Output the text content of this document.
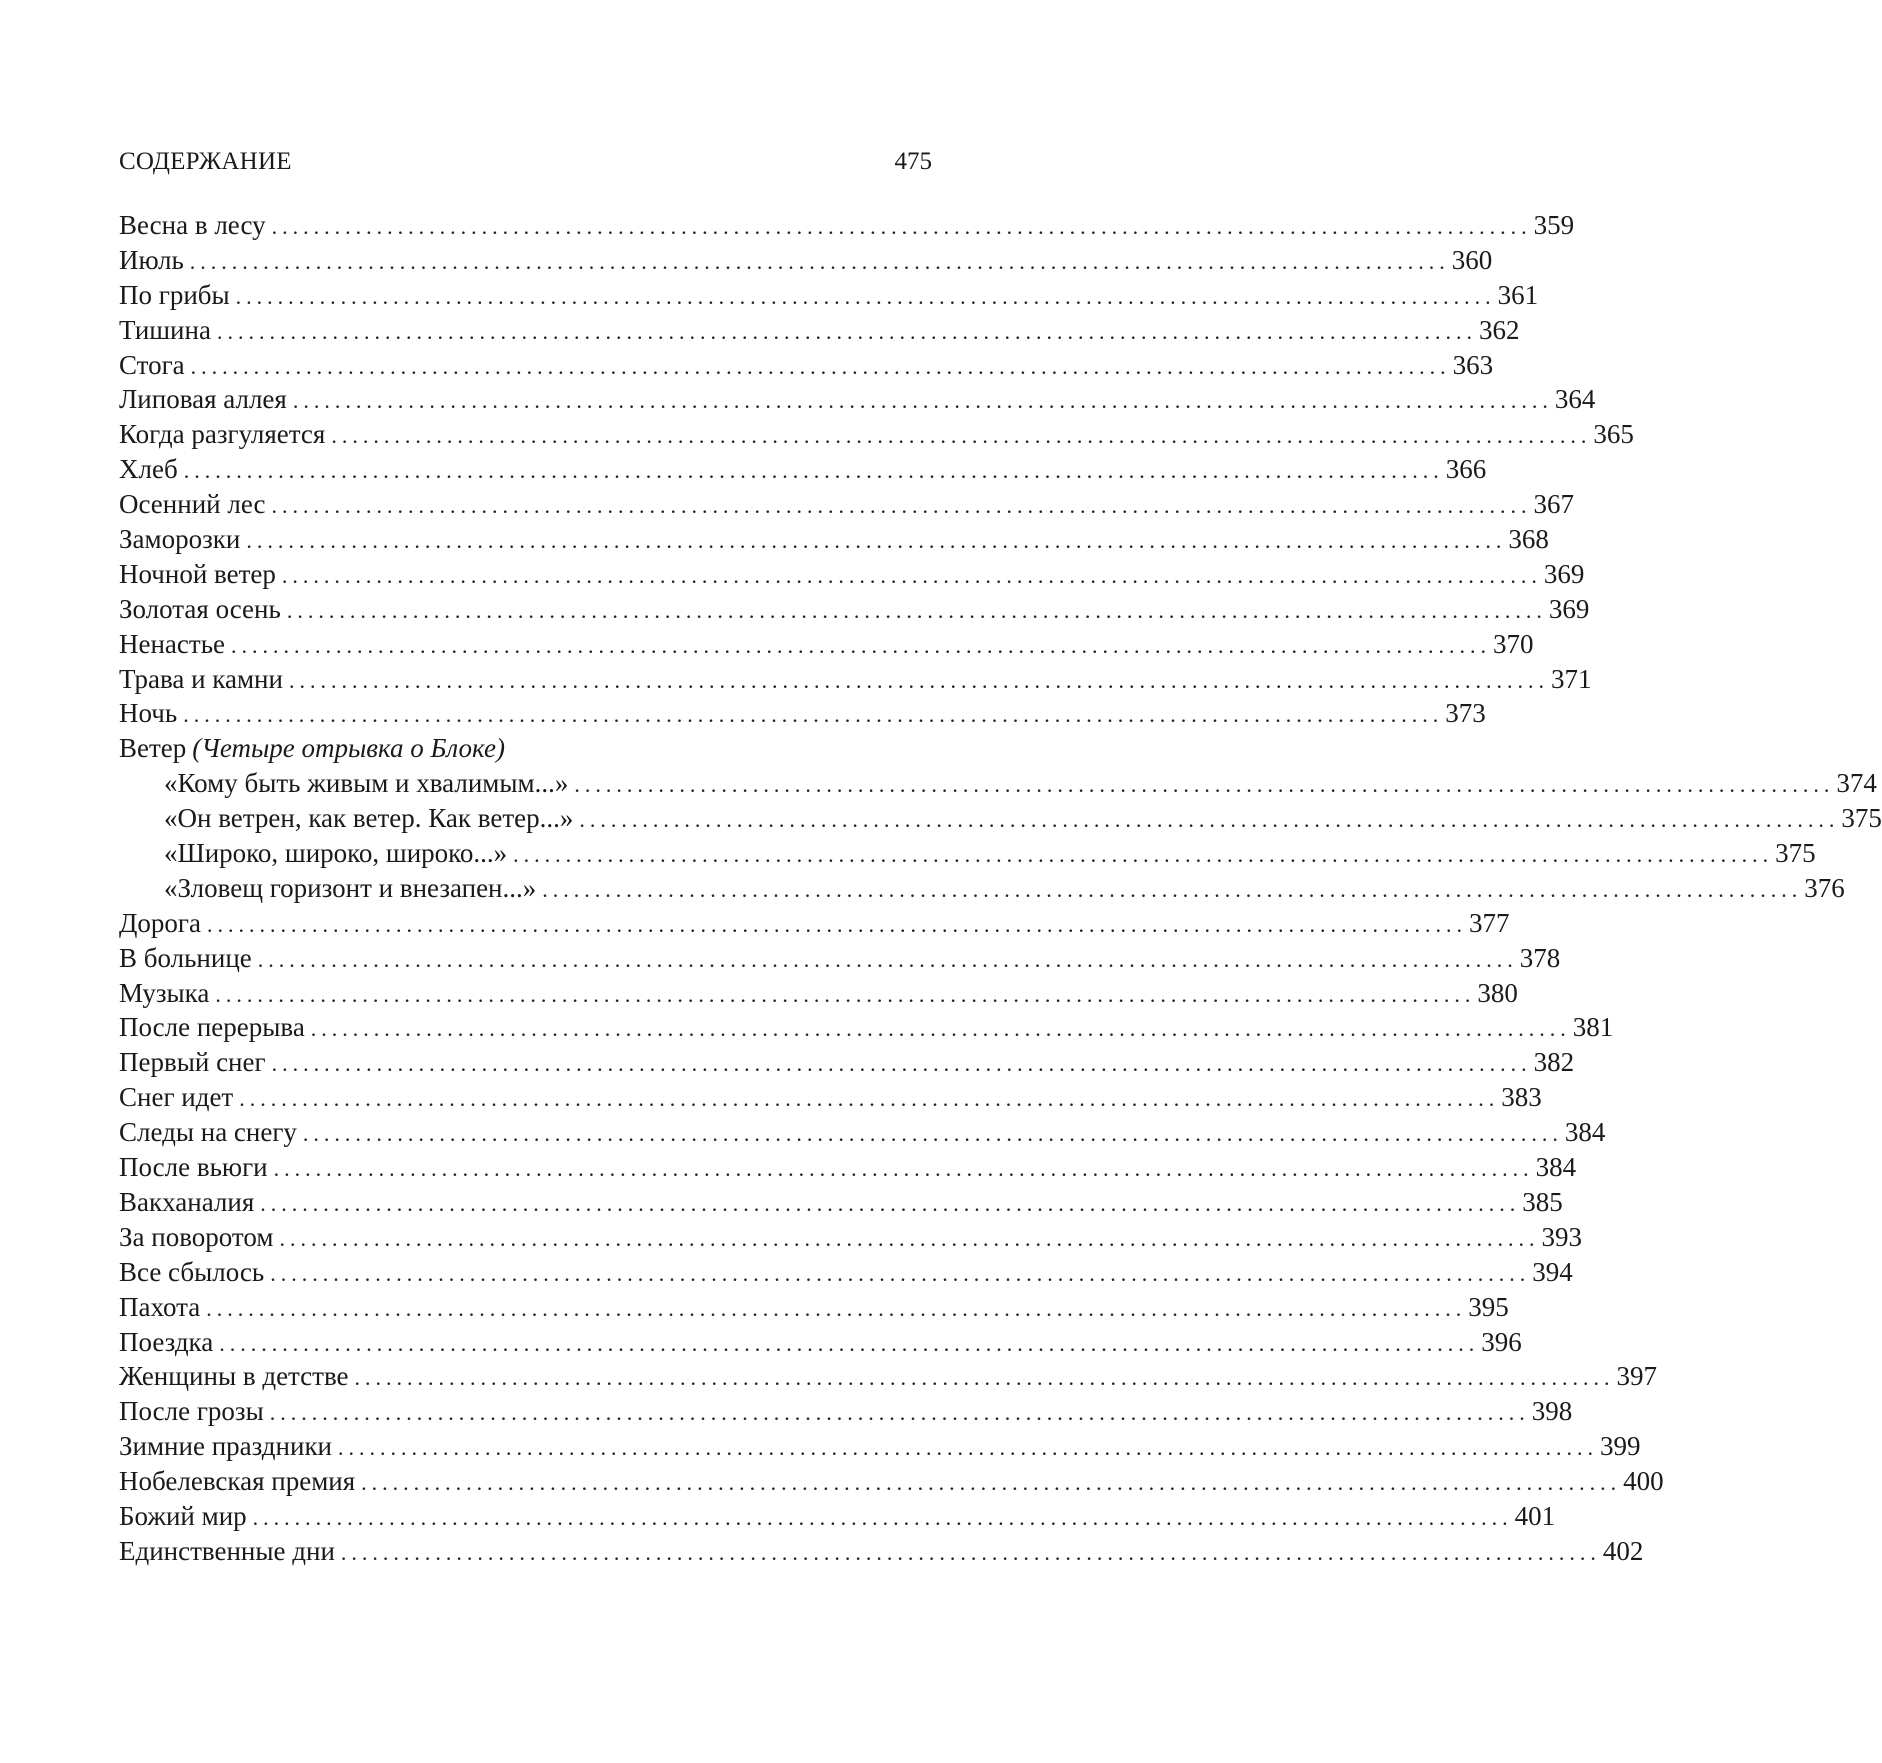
СОДЕРЖАНИЕ	475
Весна в лесу ........................................................................................................................ 359
Июль ........................................................................................................................ 360
По грибы ........................................................................................................................ 361
Тишина ........................................................................................................................ 362
Стога ........................................................................................................................ 363
Липовая аллея ........................................................................................................................ 364
Когда разгуляется ........................................................................................................................ 365
Хлеб ........................................................................................................................ 366
Осенний лес ........................................................................................................................ 367
Заморозки ........................................................................................................................ 368
Ночной ветер ........................................................................................................................ 369
Золотая осень ........................................................................................................................ 369
Ненастье ........................................................................................................................ 370
Трава и камни ........................................................................................................................ 371
Ночь ........................................................................................................................ 373
Ветер (Четыре отрывка о Блоке)
«Кому быть живым и хвалимым...» ........................................................................................................................ 374
«Он ветрен, как ветер. Как ветер...» ........................................................................................................................ 375
«Широко, широко, широко...» ........................................................................................................................ 375
«Зловещ горизонт и внезапен...» ........................................................................................................................ 376
Дорога ........................................................................................................................ 377
В больнице ........................................................................................................................ 378
Музыка ........................................................................................................................ 380
После перерыва ........................................................................................................................ 381
Первый снег ........................................................................................................................ 382
Снег идет ........................................................................................................................ 383
Следы на снегу ........................................................................................................................ 384
После вьюги ........................................................................................................................ 384
Вакханалия ........................................................................................................................ 385
За поворотом ........................................................................................................................ 393
Все сбылось ........................................................................................................................ 394
Пахота ........................................................................................................................ 395
Поездка ........................................................................................................................ 396
Женщины в детстве ........................................................................................................................ 397
После грозы ........................................................................................................................ 398
Зимние праздники ........................................................................................................................ 399
Нобелевская премия ........................................................................................................................ 400
Божий мир ........................................................................................................................ 401
Единственные дни ........................................................................................................................ 402
